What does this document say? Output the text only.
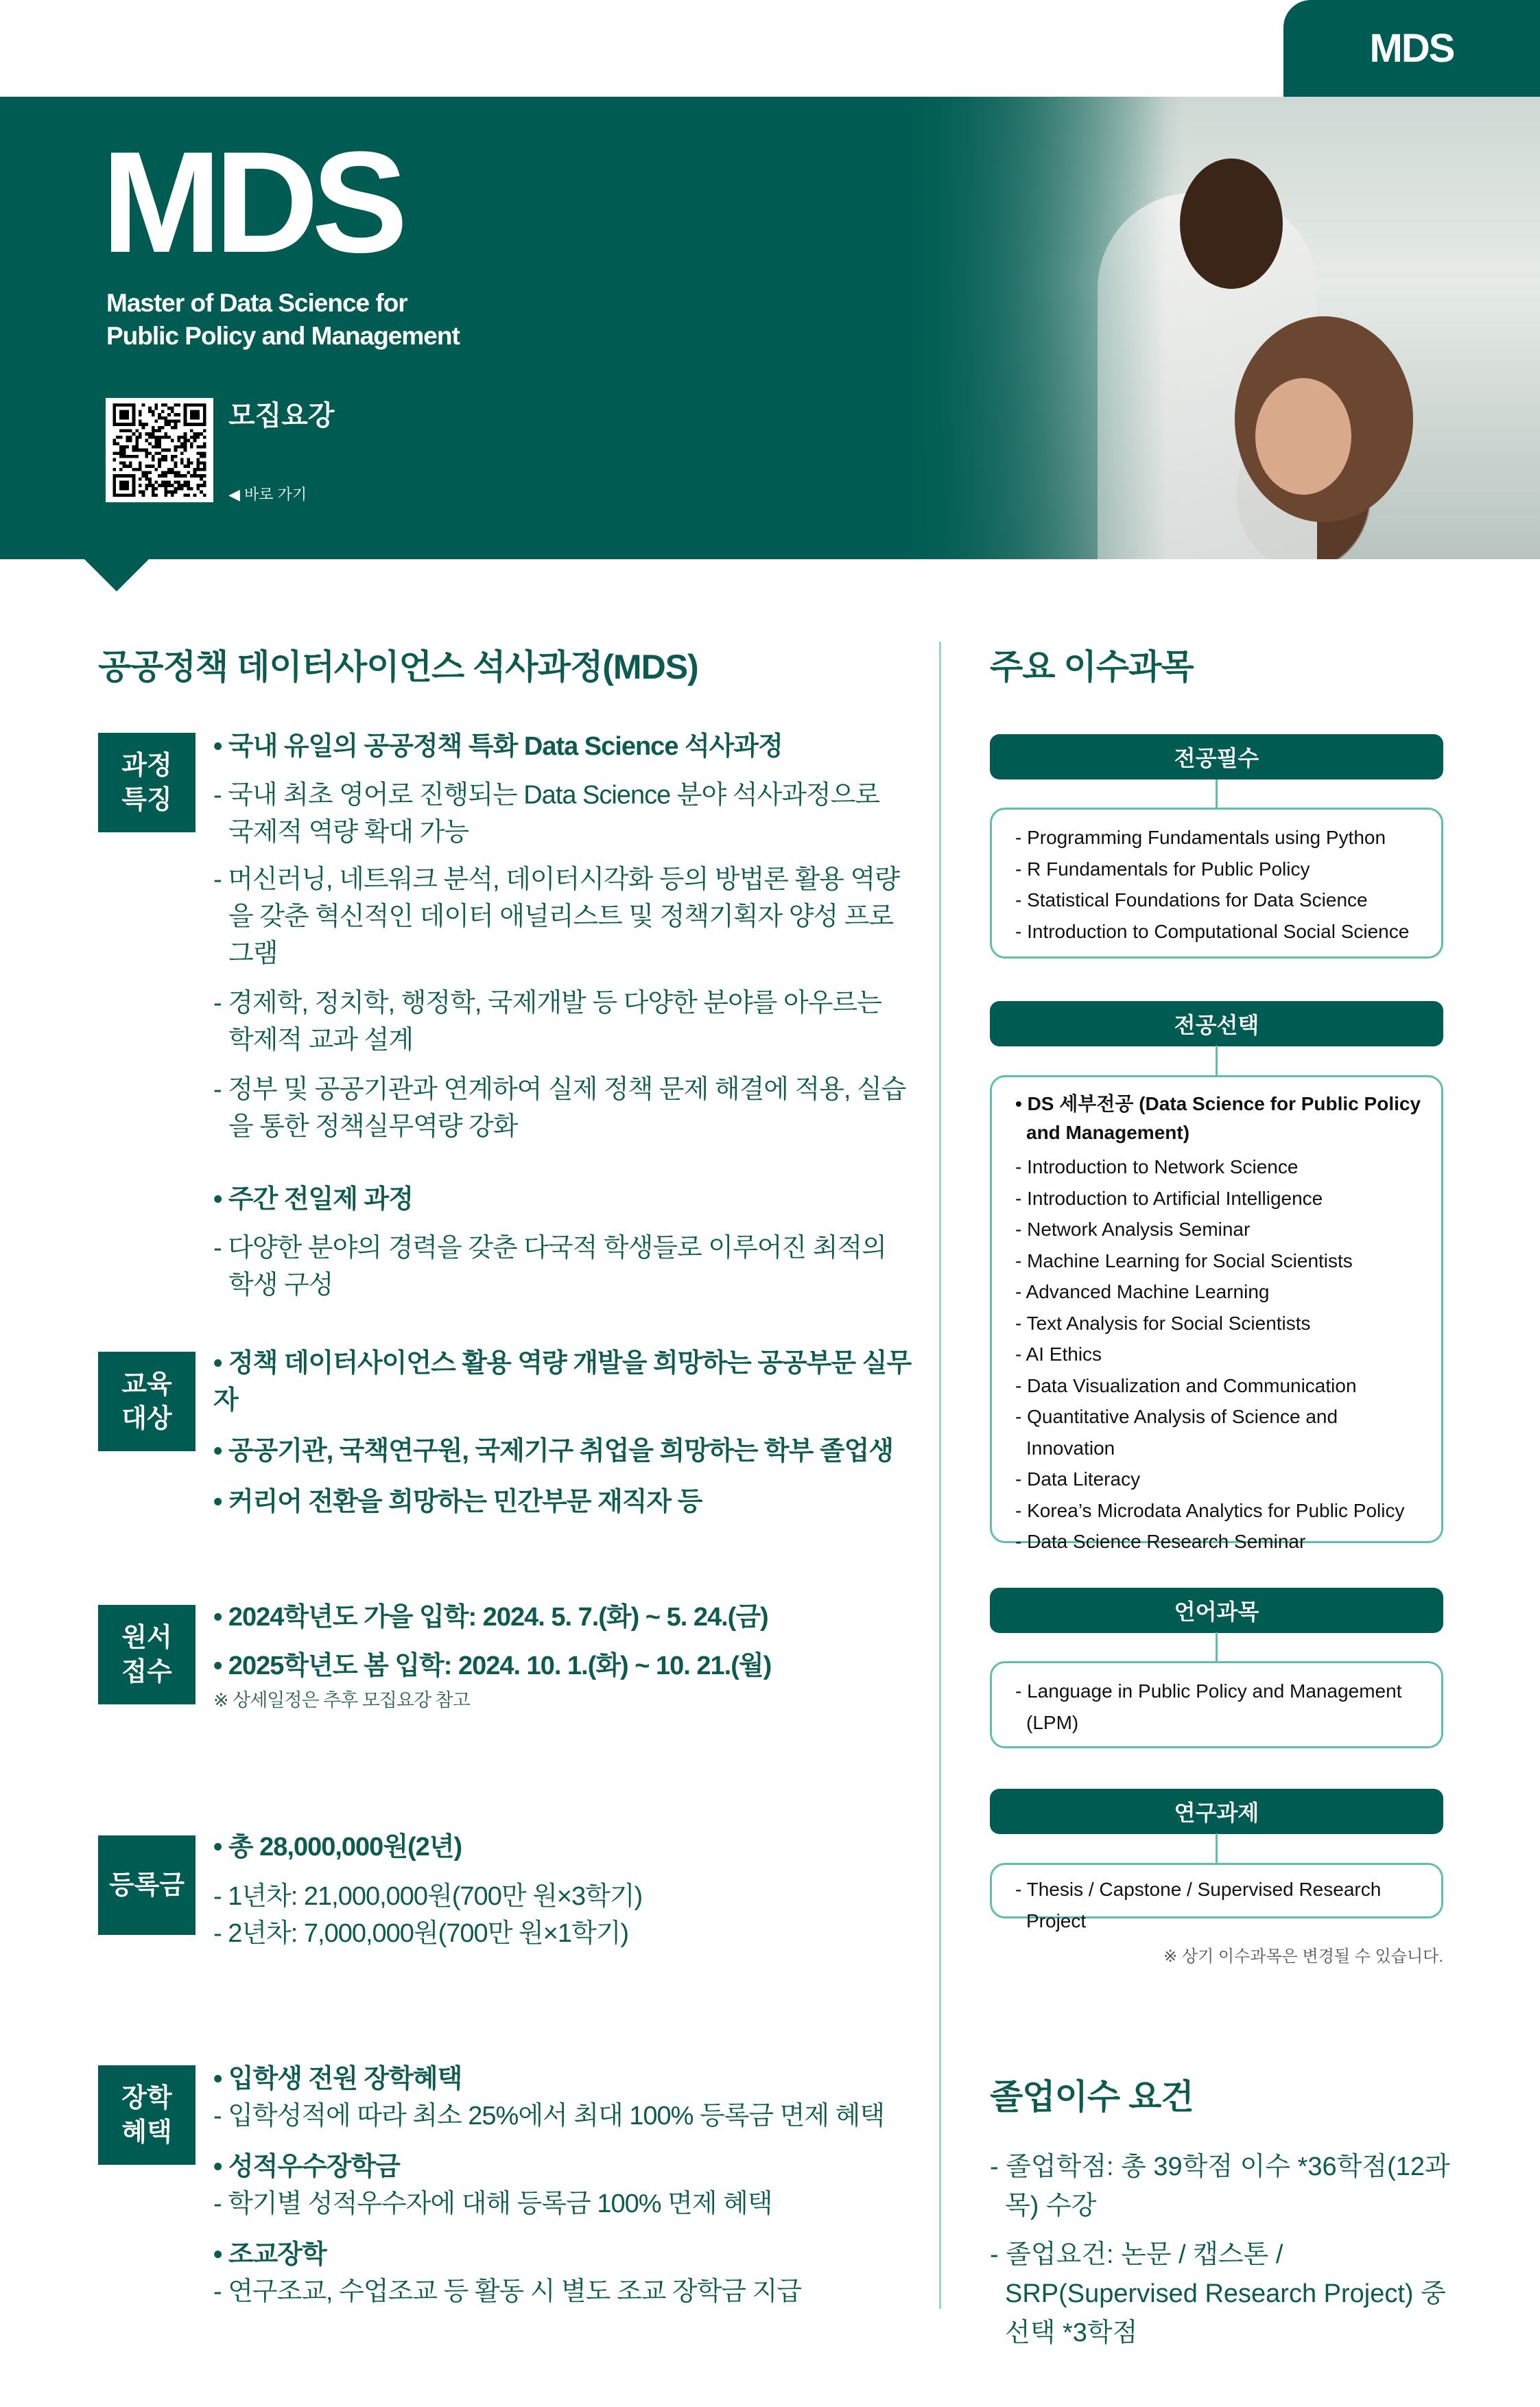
MDS
MDS
Master of Data Science for
Public Policy and Management
모집요강
◀ 바로 가기
공공정책 데이터사이언스 석사과정(MDS)
과정
특징
• 국내 유일의 공공정책 특화 Data Science 석사과정
- 국내 최초 영어로 진행되는 Data Science 분야 석사과정으로 국제적 역량 확대 가능
- 머신러닝, 네트워크 분석, 데이터시각화 등의 방법론 활용 역량을 갖춘 혁신적인 데이터 애널리스트 및 정책기획자 양성 프로그램
- 경제학, 정치학, 행정학, 국제개발 등 다양한 분야를 아우르는 학제적 교과 설계
- 정부 및 공공기관과 연계하여 실제 정책 문제 해결에 적용, 실습을 통한 정책실무역량 강화
• 주간 전일제 과정
- 다양한 분야의 경력을 갖춘 다국적 학생들로 이루어진 최적의 학생 구성
교육
대상
• 정책 데이터사이언스 활용 역량 개발을 희망하는 공공부문 실무자
• 공공기관, 국책연구원, 국제기구 취업을 희망하는 학부 졸업생
• 커리어 전환을 희망하는 민간부문 재직자 등
원서
접수
• 2024학년도 가을 입학: 2024. 5. 7.(화) ~ 5. 24.(금)
• 2025학년도 봄 입학: 2024. 10. 1.(화) ~ 10. 21.(월)
※ 상세일정은 추후 모집요강 참고
등록금
• 총 28,000,000원(2년)
- 1년차: 21,000,000원(700만 원×3학기)
- 2년차: 7,000,000원(700만 원×1학기)
장학
혜택
• 입학생 전원 장학혜택
- 입학성적에 따라 최소 25%에서 최대 100% 등록금 면제 혜택
• 성적우수장학금
- 학기별 성적우수자에 대해 등록금 100% 면제 혜택
• 조교장학
- 연구조교, 수업조교 등 활동 시 별도 조교 장학금 지급
주요 이수과목
전공필수
- Programming Fundamentals using Python
- R Fundamentals for Public Policy
- Statistical Foundations for Data Science
- Introduction to Computational Social Science
전공선택
• DS 세부전공 (Data Science for Public Policy and Management)
- Introduction to Network Science
- Introduction to Artificial Intelligence
- Network Analysis Seminar
- Machine Learning for Social Scientists
- Advanced Machine Learning
- Text Analysis for Social Scientists
- AI Ethics
- Data Visualization and Communication
- Quantitative Analysis of Science and Innovation
- Data Literacy
- Korea’s Microdata Analytics for Public Policy
- Data Science Research Seminar
언어과목
- Language in Public Policy and Management (LPM)
연구과제
- Thesis / Capstone / Supervised Research Project
※ 상기 이수과목은 변경될 수 있습니다.
졸업이수 요건
- 졸업학점: 총 39학점 이수 *36학점(12과목) 수강
- 졸업요건: 논문 / 캡스톤 / SRP(Supervised Research Project) 중 선택 *3학점
